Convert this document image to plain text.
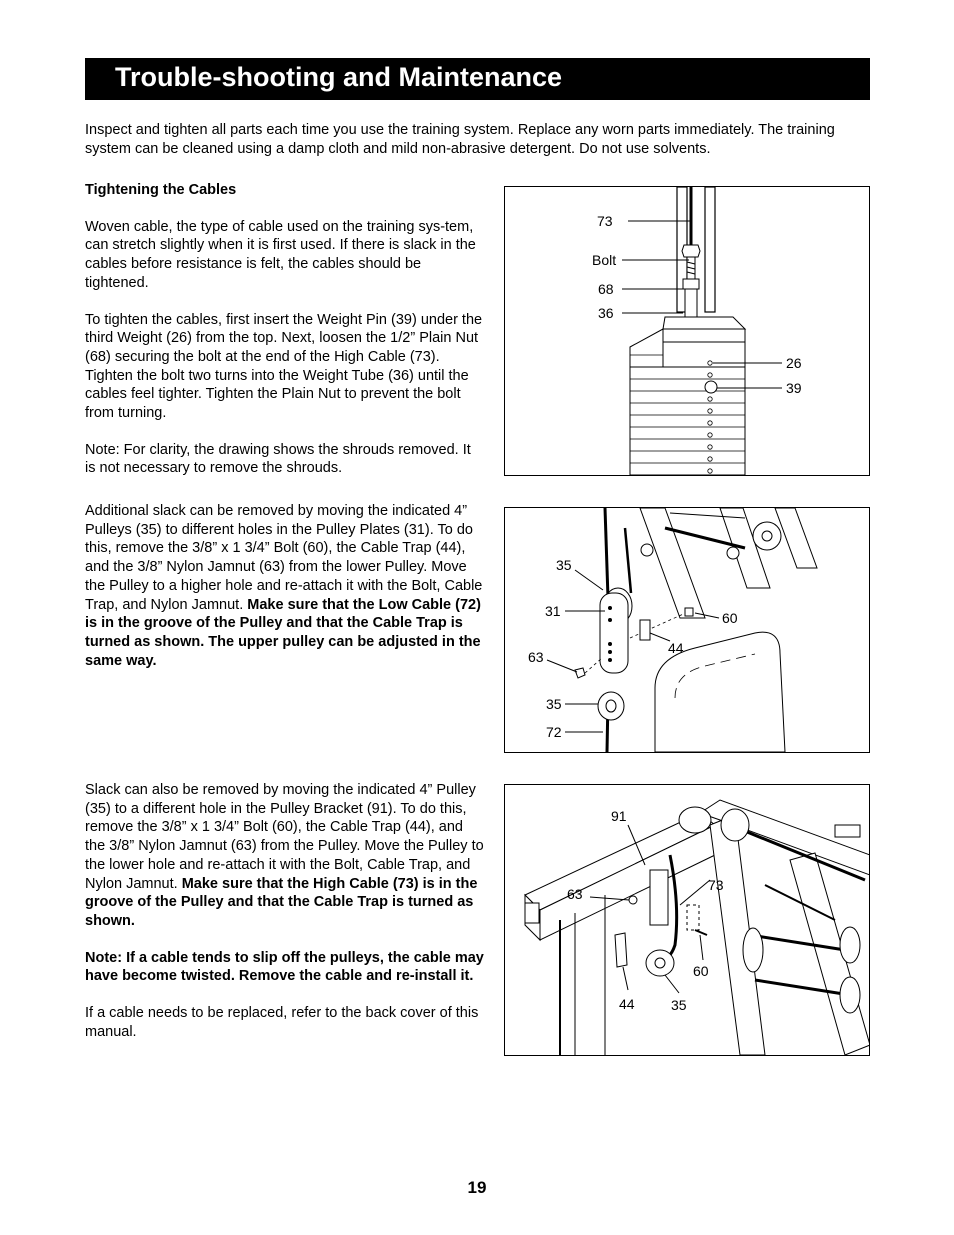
Trouble-shooting and Maintenance

Inspect and tighten all parts each time you use the training system. Replace any worn parts immediately. The training system can be cleaned using a damp cloth and mild non-abrasive detergent. Do not use solvents.

Tightening the Cables

Woven cable, the type of cable used on the training sys-tem, can stretch slightly when it is first used. If there is slack in the cables before resistance is felt, the cables should be tightened.

To tighten the cables, first insert the Weight Pin (39) under the third Weight (26) from the top. Next, loosen the 1/2” Plain Nut (68) securing the bolt at the end of the High Cable (73). Tighten the bolt two turns into the Weight Tube (36) until the cables feel tighter. Tighten the Plain Nut to prevent the bolt from turning.

Note: For clarity, the drawing shows the shrouds removed. It is not necessary to remove the shrouds.

Additional slack can be removed by moving the indicated 4” Pulleys (35) to different holes in the Pulley Plates (31). To do this, remove the 3/8” x 1 3/4” Bolt (60), the Cable Trap (44), and the 3/8” Nylon Jamnut (63) from the lower Pulley. Move the Pulley to a higher hole and re-attach it with the Bolt, Cable Trap, and Nylon Jamnut. Make sure that the Low Cable (72) is in the groove of the Pulley and that the Cable Trap is turned as shown. The upper pulley can be adjusted in the same way.

Slack can also be removed by moving the indicated 4” Pulley (35) to a different hole in the Pulley Bracket (91). To do this, remove the 3/8” x 1 3/4” Bolt (60), the Cable Trap (44), and the 3/8” Nylon Jamnut (63) from the Pulley. Move the Pulley to the lower hole and re-attach it with the Bolt, Cable Trap, and Nylon Jamnut. Make sure that the High Cable (73) is in the groove of the Pulley and that the Cable Trap is turned as shown.

Note: If a cable tends to slip off the pulleys, the cable may have become twisted. Remove the cable and re-install it.

If a cable needs to be replaced, refer to the back cover of this manual.

73
Bolt
68
36
26
39
35
31	60
44
63
35
72
91
63
73
60
44	35
19
